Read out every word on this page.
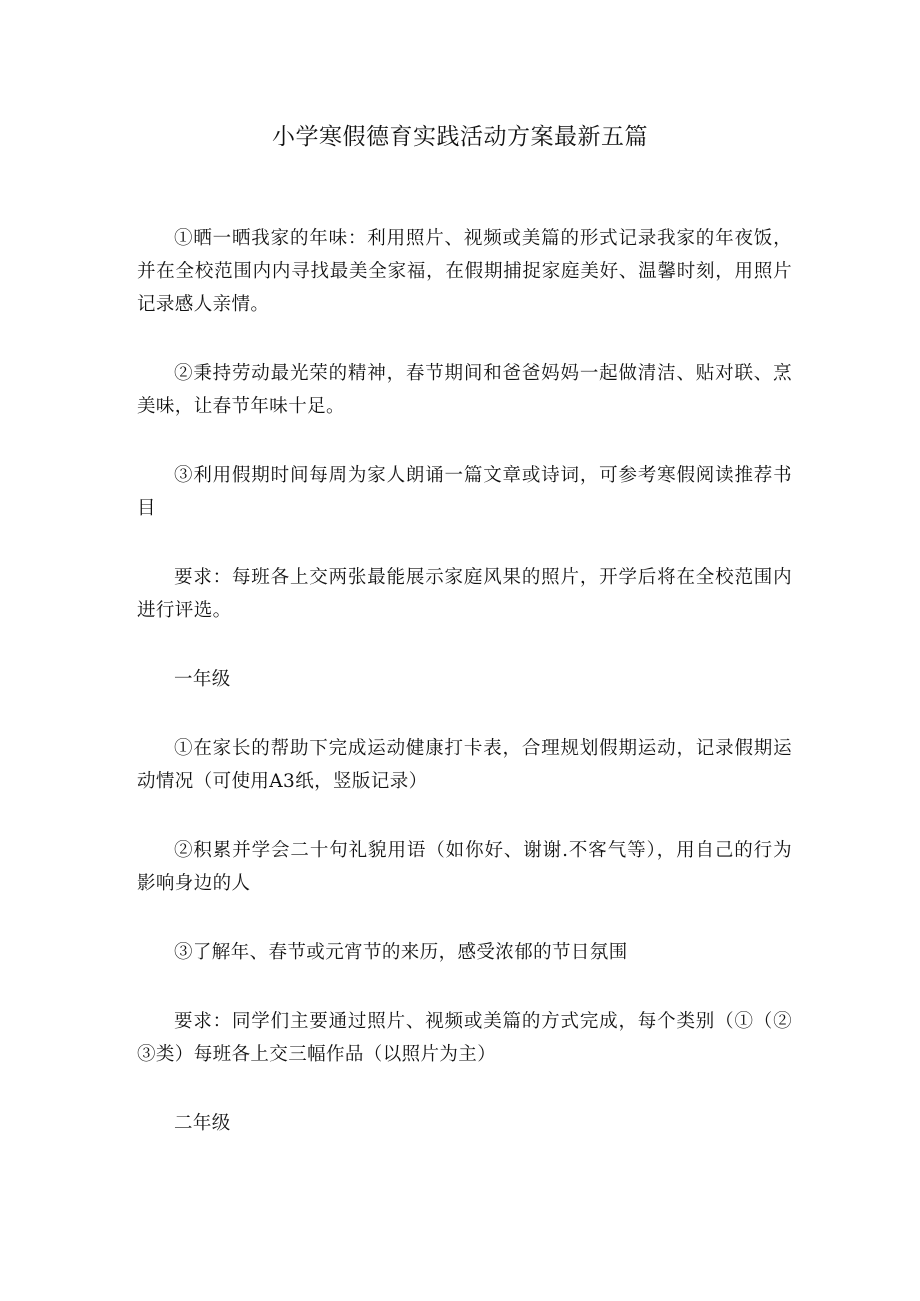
小学寒假德育实践活动方案最新五篇

①晒一晒我家的年味：利用照片、视频或美篇的形式记录我家的年夜饭，并在全校范围内内寻找最美全家福，在假期捕捉家庭美好、温馨时刻，用照片记录感人亲情。

②秉持劳动最光荣的精神，春节期间和爸爸妈妈一起做清洁、贴对联、烹美味，让春节年味十足。

③利用假期时间每周为家人朗诵一篇文章或诗词，可参考寒假阅读推荐书目

要求：每班各上交两张最能展示家庭风果的照片，开学后将在全校范围内进行评选。

一年级

①在家长的帮助下完成运动健康打卡表，合理规划假期运动，记录假期运动情况（可使用A3纸，竖版记录）

②积累并学会二十句礼貌用语（如你好、谢谢.不客气等），用自己的行为影响身边的人

③了解年、春节或元宵节的来历，感受浓郁的节日氛围

要求：同学们主要通过照片、视频或美篇的方式完成，每个类别（①（②③类）每班各上交三幅作品（以照片为主）

二年级
